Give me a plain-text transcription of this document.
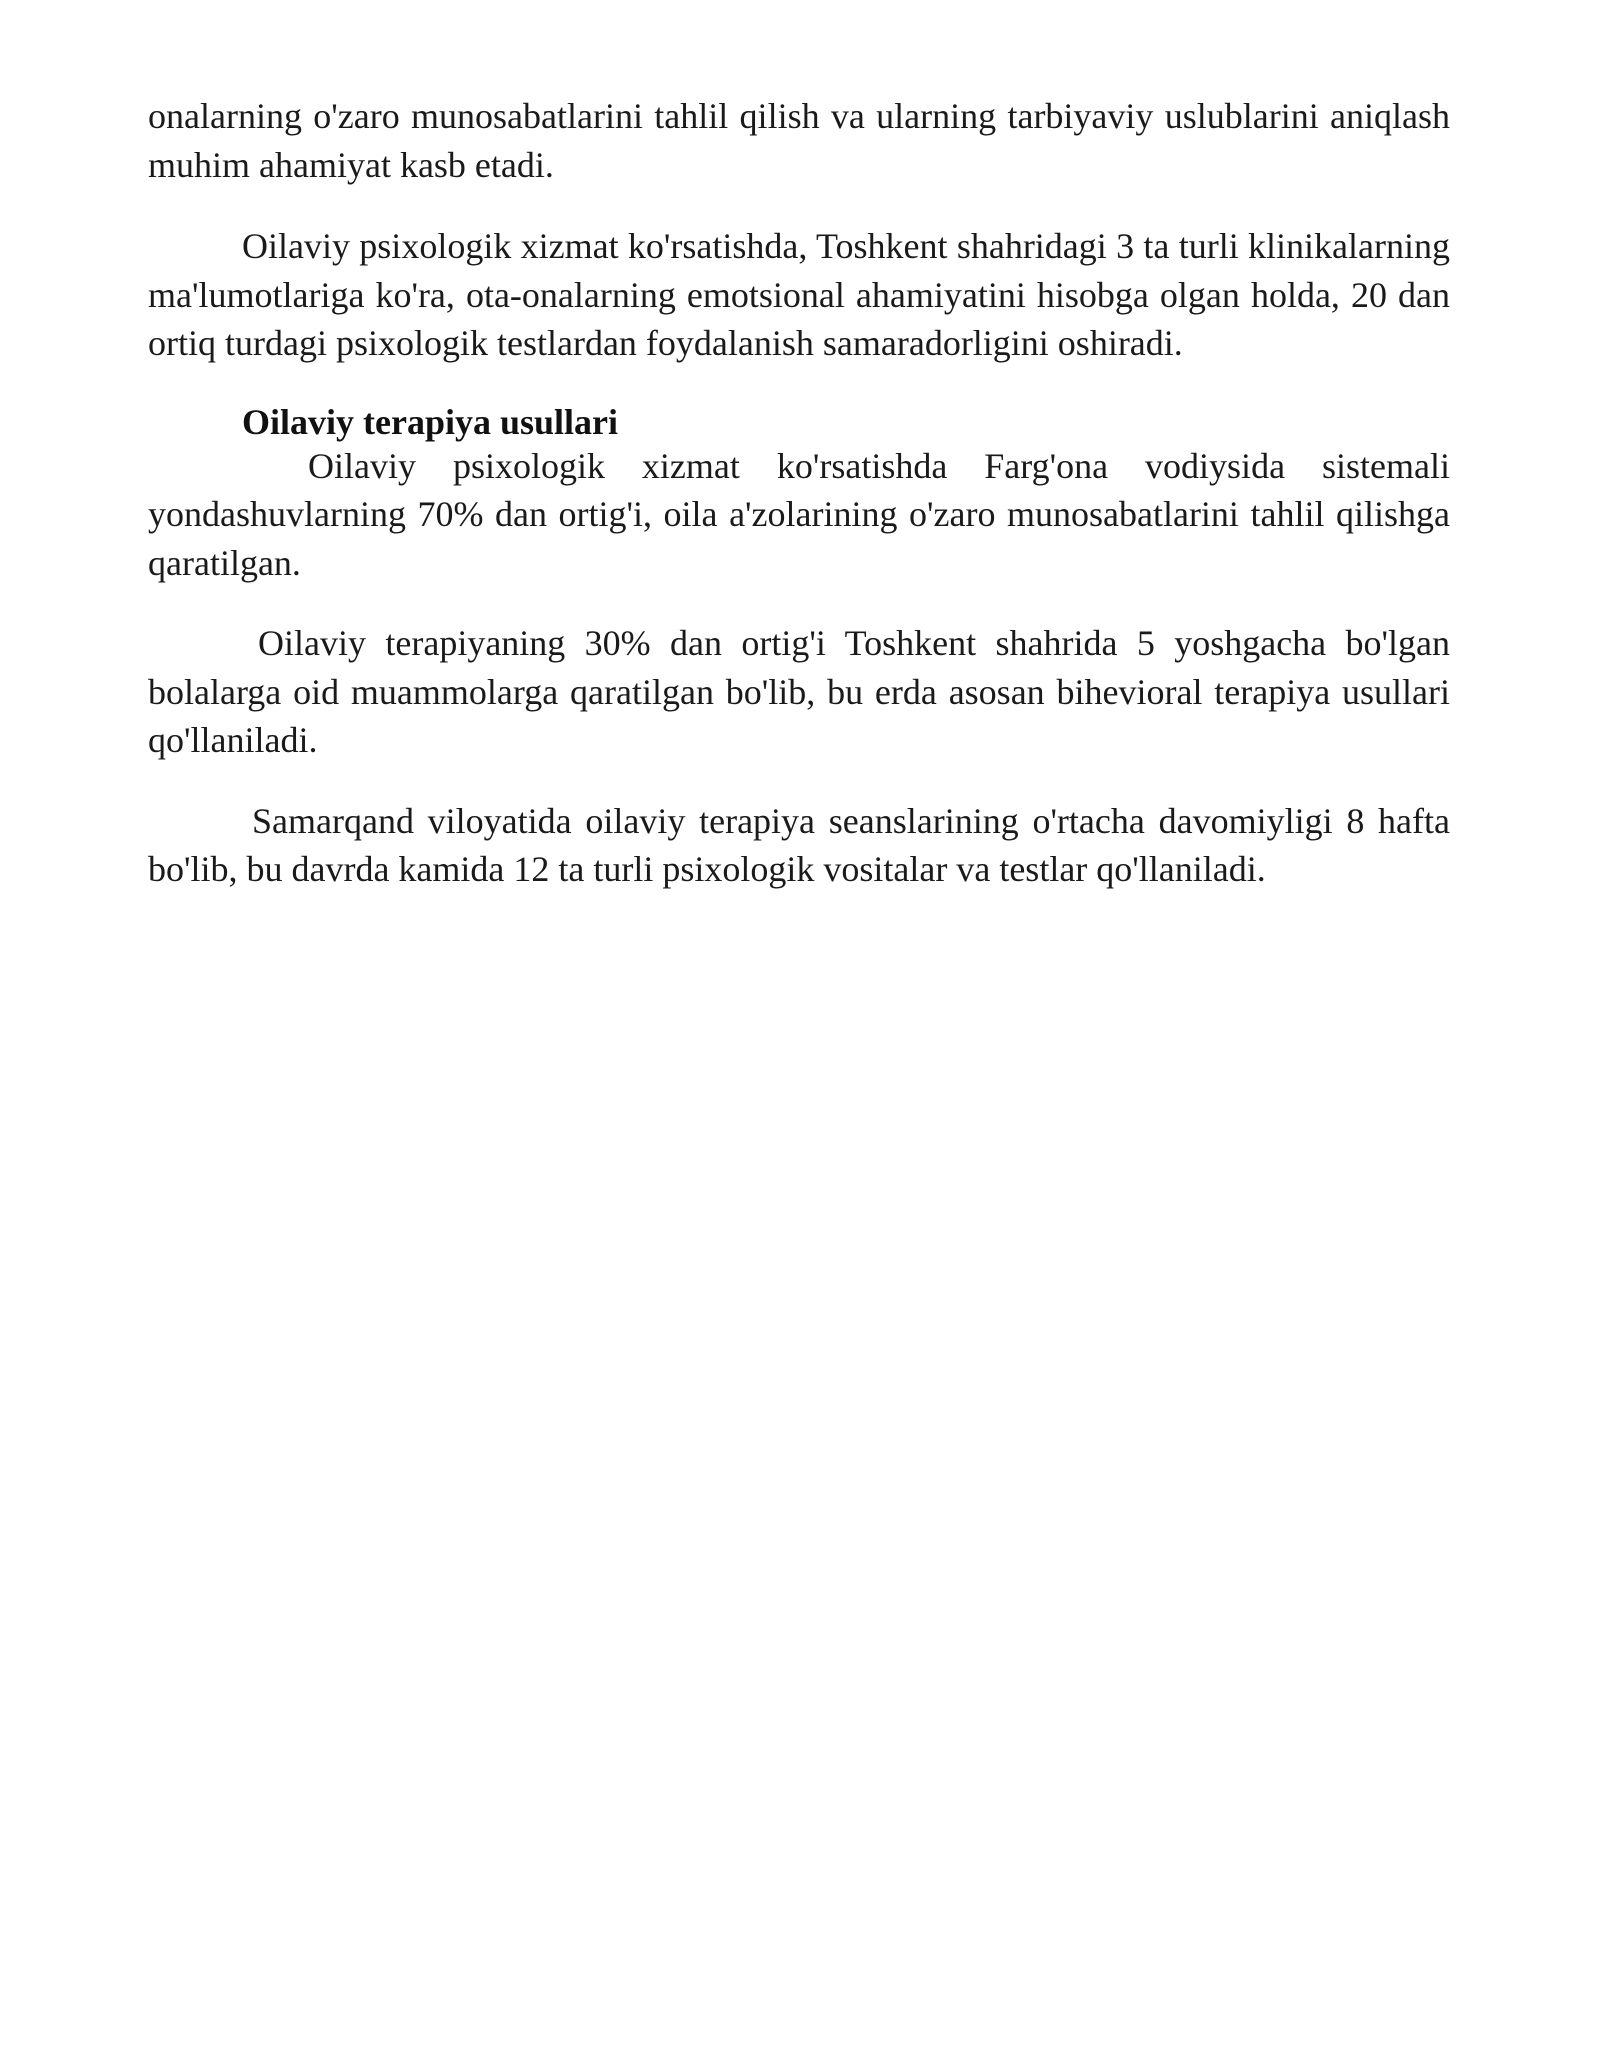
onalarning o'zaro munosabatlarini tahlil qilish va ularning tarbiyaviy uslublarini aniqlash muhim ahamiyat kasb etadi.

Oilaviy psixologik xizmat ko'rsatishda, Toshkent shahridagi 3 ta turli klinikalarning ma'lumotlariga ko'ra, ota-onalarning emotsional ahamiyatini hisobga olgan holda, 20 dan ortiq turdagi psixologik testlardan foydalanish samaradorligini oshiradi.

Oilaviy terapiya usullari

Oilaviy psixologik xizmat ko'rsatishda Farg'ona vodiysida sistemali yondashuvlarning 70% dan ortig'i, oila a'zolarining o'zaro munosabatlarini tahlil qilishga qaratilgan.

Oilaviy terapiyaning 30% dan ortig'i Toshkent shahrida 5 yoshgacha bo'lgan bolalarga oid muammolarga qaratilgan bo'lib, bu erda asosan bihevioral terapiya usullari qo'llaniladi.

Samarqand viloyatida oilaviy terapiya seanslarining o'rtacha davomiyligi 8 hafta bo'lib, bu davrda kamida 12 ta turli psixologik vositalar va testlar qo'llaniladi.
